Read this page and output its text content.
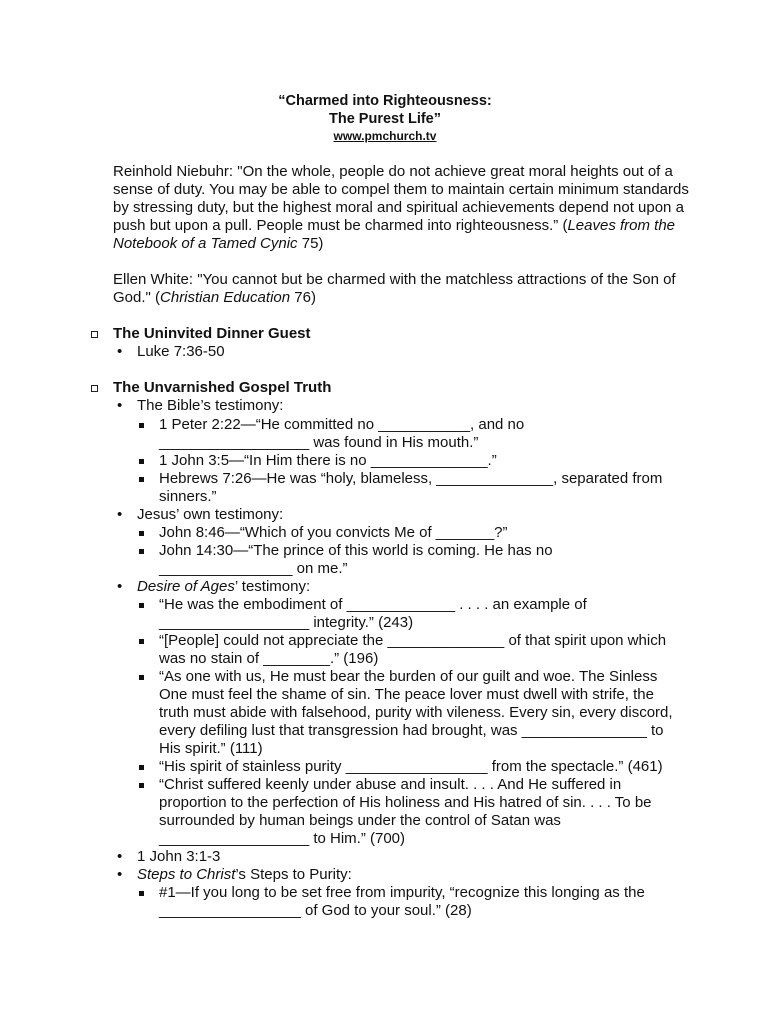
“Charmed into Righteousness:
The Purest Life”
www.pmchurch.tv

Reinhold Niebuhr: "On the whole, people do not achieve great moral heights out of a sense of duty. You may be able to compel them to maintain certain minimum standards by stressing duty, but the highest moral and spiritual achievements depend not upon a push but upon a pull. People must be charmed into righteousness.” (Leaves from the Notebook of a Tamed Cynic 75)

Ellen White: "You cannot but be charmed with the matchless attractions of the Son of God." (Christian Education 76)

The Uninvited Dinner Guest
• Luke 7:36-50
The Unvarnished Gospel Truth
• The Bible’s testimony:
1 Peter 2:22—“He committed no ___________, and no
__________________ was found in His mouth.”
1 John 3:5—“In Him there is no ______________.”
Hebrews 7:26—He was “holy, blameless, ______________, separated from
sinners.”
• Jesus’ own testimony:
John 8:46—“Which of you convicts Me of _______?”
John 14:30—“The prince of this world is coming. He has no
________________ on me.”
• Desire of Ages’ testimony:
“He was the embodiment of _____________ . . . . an example of
__________________ integrity.” (243)
“[People] could not appreciate the ______________ of that spirit upon which
was no stain of ________.” (196)
“As one with us, He must bear the burden of our guilt and woe. The Sinless
One must feel the shame of sin. The peace lover must dwell with strife, the
truth must abide with falsehood, purity with vileness. Every sin, every discord,
every defiling lust that transgression had brought, was _______________ to
His spirit.” (111)
“His spirit of stainless purity _________________ from the spectacle.” (461)
“Christ suffered keenly under abuse and insult. . . . And He suffered in
proportion to the perfection of His holiness and His hatred of sin. . . . To be
surrounded by human beings under the control of Satan was
__________________ to Him.” (700)
• 1 John 3:1-3
• Steps to Christ’s Steps to Purity:
#1—If you long to be set free from impurity, “recognize this longing as the
_________________ of God to your soul.” (28)
